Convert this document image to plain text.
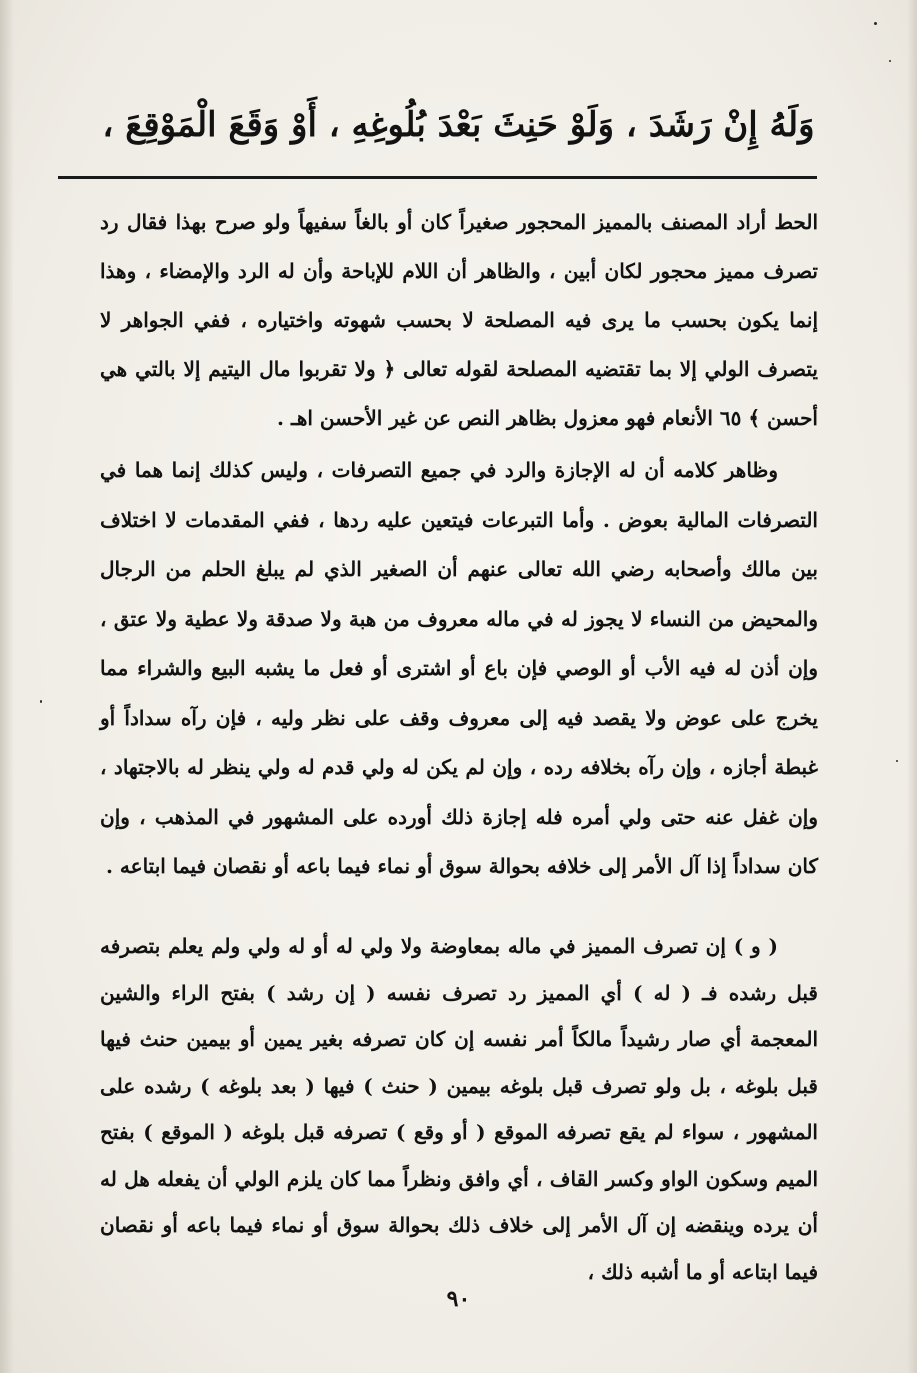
وَلَهُ إِنْ رَشَدَ ، وَلَوْ حَنِثَ بَعْدَ بُلُوغِهِ ، أَوْ وَقَعَ الْمَوْقِعَ ،
الحط أراد المصنف بالمميز المحجور صغيراً كان أو بالغاً سفيهاً ولو صرح بهذا فقال رد تصرف مميز محجور لكان أبين ، والظاهر أن اللام للإباحة وأن له الرد والإمضاء ، وهذا إنما يكون بحسب ما يرى فيه المصلحة لا بحسب شهوته واختياره ، ففي الجواهر لا يتصرف الولي إلا بما تقتضيه المصلحة لقوله تعالى ﴿ ولا تقربوا مال اليتيم إلا بالتي هي أحسن ﴾ ٦٥ الأنعام فهو معزول بظاهر النص عن غير الأحسن اهـ .
وظاهر كلامه أن له الإجازة والرد في جميع التصرفات ، وليس كذلك إنما هما في التصرفات المالية بعوض . وأما التبرعات فيتعين عليه ردها ، ففي المقدمات لا اختلاف بين مالك وأصحابه رضي الله تعالى عنهم أن الصغير الذي لم يبلغ الحلم من الرجال والمحيض من النساء لا يجوز له في ماله معروف من هبة ولا صدقة ولا عطية ولا عتق ، وإن أذن له فيه الأب أو الوصي فإن باع أو اشترى أو فعل ما يشبه البيع والشراء مما يخرج على عوض ولا يقصد فيه إلى معروف وقف على نظر وليه ، فإن رآه سداداً أو غبطة أجازه ، وإن رآه بخلافه رده ، وإن لم يكن له ولي قدم له ولي ينظر له بالاجتهاد ، وإن غفل عنه حتى ولي أمره فله إجازة ذلك أورده على المشهور في المذهب ، وإن كان سداداً إذا آل الأمر إلى خلافه بحوالة سوق أو نماء فيما باعه أو نقصان فيما ابتاعه .
( و ) إن تصرف المميز في ماله بمعاوضة ولا ولي له أو له ولي ولم يعلم بتصرفه قبل رشده فـ ( له ) أي المميز رد تصرف نفسه ( إن رشد ) بفتح الراء والشين المعجمة أي صار رشيداً مالكاً أمر نفسه إن كان تصرفه بغير يمين أو بيمين حنث فيها قبل بلوغه ، بل ولو تصرف قبل بلوغه بيمين ( حنث ) فيها ( بعد بلوغه ) رشده على المشهور ، سواء لم يقع تصرفه الموقع ( أو وقع ) تصرفه قبل بلوغه ( الموقع ) بفتح الميم وسكون الواو وكسر القاف ، أي وافق ونظراً مما كان يلزم الولي أن يفعله هل له أن يرده وينقضه إن آل الأمر إلى خلاف ذلك بحوالة سوق أو نماء فيما باعه أو نقصان فيما ابتاعه أو ما أشبه ذلك ،
٩٠
